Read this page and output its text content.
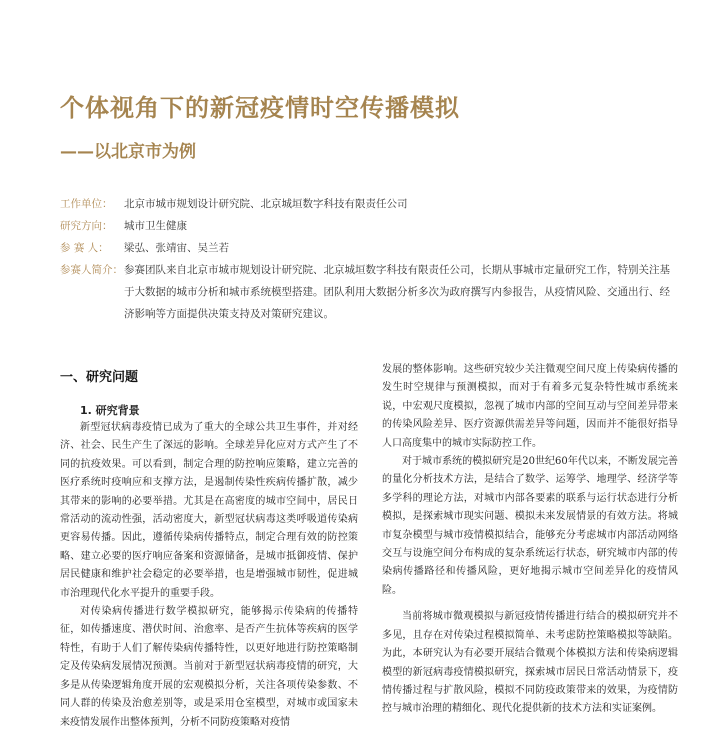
个体视角下的新冠疫情时空传播模拟
——以北京市为例
工作单位：	北京市城市规划设计研究院、北京城垣数字科技有限责任公司
研究方向：	城市卫生健康
参 赛 人：	梁弘、张靖宙、吴兰若
参赛人简介： 参赛团队来自北京市城市规划设计研究院、北京城垣数字科技有限责任公司，长期从事城市定量研究工作，特别关注基于大数据的城市分析和城市系统模型搭建。团队利用大数据分析多次为政府撰写内参报告，从疫情风险、交通出行、经济影响等方面提供决策支持及对策研究建议。
一、研究问题
1. 研究背景

新型冠状病毒疫情已成为了重大的全球公共卫生事件，并对经济、社会、民生产生了深远的影响。全球差异化应对方式产生了不同的抗疫效果。可以看到，制定合理的防控响应策略，建立完善的医疗系统时疫响应和支撑方法，是遏制传染性疾病传播扩散，减少其带来的影响的必要举措。尤其是在高密度的城市空间中，居民日常活动的流动性强，活动密度大，新型冠状病毒这类呼吸道传染病更容易传播。因此，遵循传染病传播特点，制定合理有效的防控策略、建立必要的医疗响应备案和资源储备，是城市抵御疫情、保护居民健康和维护社会稳定的必要举措，也是增强城市韧性，促进城市治理现代化水平提升的重要手段。

对传染病传播进行数学模拟研究，能够揭示传染病的传播特征，如传播速度、潜伏时间、治愈率、是否产生抗体等疾病的医学特性，有助于人们了解传染病传播特性，以更好地进行防控策略制定及传染病发展情况预测。当前对于新型冠状病毒疫情的研究，大多是从传染逻辑角度开展的宏观模拟分析，关注各项传染参数、不同人群的传染及治愈差别等，或是采用仓室模型，对城市或国家未来疫情发展作出整体预判，分析不同防疫策略对疫情

发展的整体影响。这些研究较少关注微观空间尺度上传染病传播的发生时空规律与预测模拟，而对于有着多元复杂特性城市系统来说，中宏观尺度模拟，忽视了城市内部的空间互动与空间差异带来的传染风险差异、医疗资源供需差异等问题，因而并不能很好指导人口高度集中的城市实际防控工作。

对于城市系统的模拟研究是20世纪60年代以来，不断发展完善的量化分析技术方法，是结合了数学、运筹学、地理学、经济学等多学科的理论方法，对城市内部各要素的联系与运行状态进行分析模拟，是探索城市现实问题、模拟未来发展情景的有效方法。将城市复杂模型与城市疫情模拟结合，能够充分考虑城市内部活动网络交互与设施空间分布构成的复杂系统运行状态，研究城市内部的传染病传播路径和传播风险，更好地揭示城市空间差异化的疫情风险。

当前将城市微观模拟与新冠疫情传播进行结合的模拟研究并不多见，且存在对传染过程模拟简单、未考虑防控策略模拟等缺陷。为此，本研究认为有必要开展结合微观个体模拟方法和传染病逻辑模型的新冠病毒疫情模拟研究，探索城市居民日常活动情景下，疫情传播过程与扩散风险，模拟不同防疫政策带来的效果，为疫情防控与城市治理的精细化、现代化提供新的技术方法和实证案例。
